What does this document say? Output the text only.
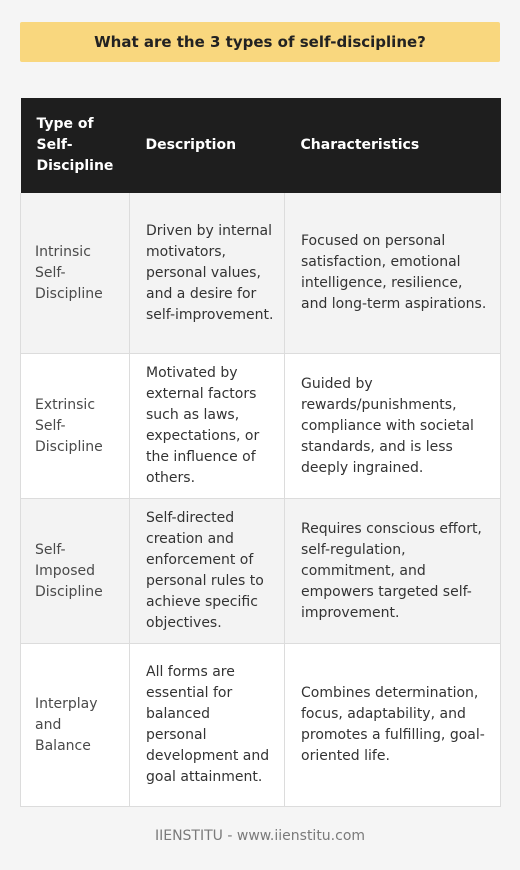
What are the 3 types of self-discipline?
Type of Self-Discipline	Description	Characteristics
Intrinsic Self-Discipline	Driven by internal motivators, personal values, and a desire for self-improvement.	Focused on personal satisfaction, emotional intelligence, resilience, and long-term aspirations.
Extrinsic Self-Discipline	Motivated by external factors such as laws, expectations, or the influence of others.	Guided by rewards/punishments, compliance with societal standards, and is less deeply ingrained.
Self-Imposed Discipline	Self-directed creation and enforcement of personal rules to achieve specific objectives.	Requires conscious effort, self-regulation, commitment, and empowers targeted self-improvement.
Interplay and Balance	All forms are essential for balanced personal development and goal attainment.	Combines determination, focus, adaptability, and promotes a fulfilling, goal-oriented life.
IIENSTITU - www.iienstitu.com
